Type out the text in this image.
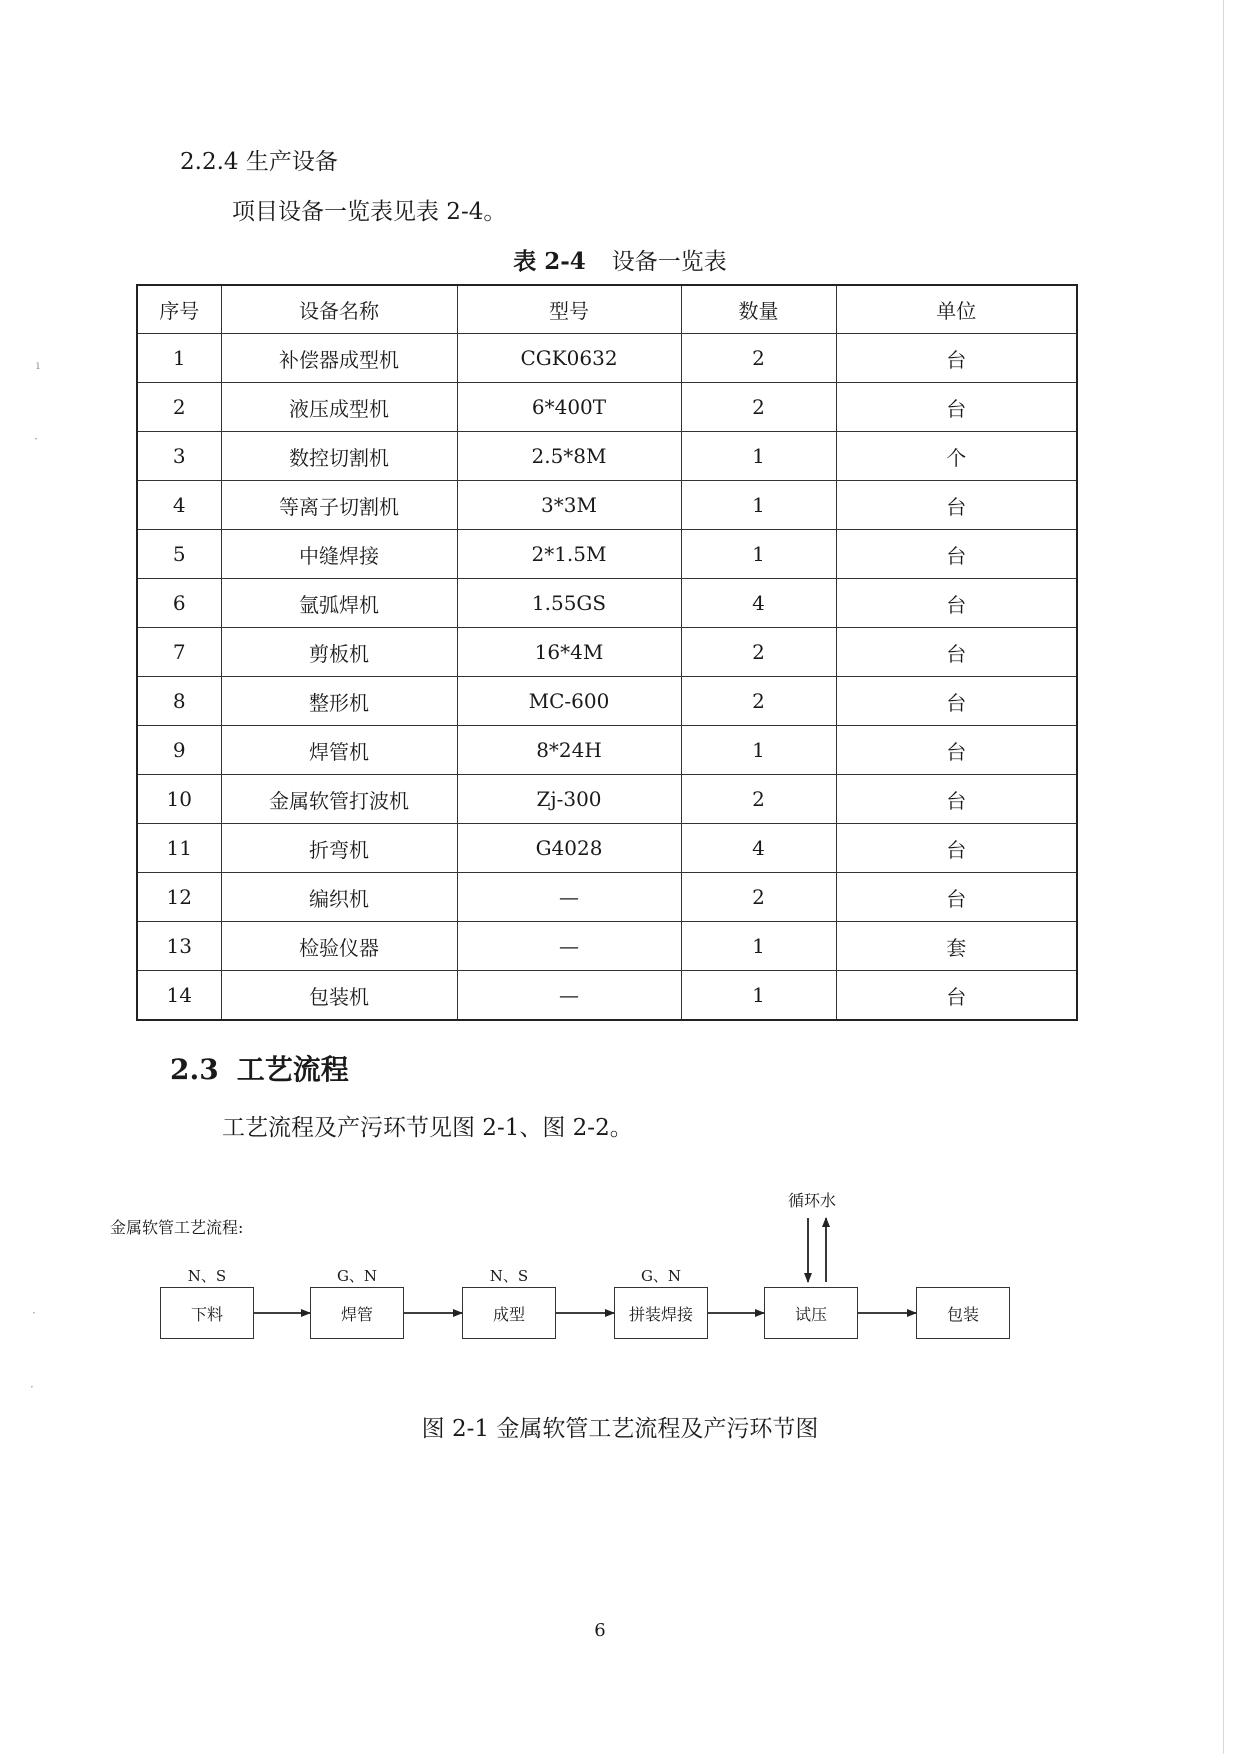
ı
·
·
·
2.2.4 生产设备
项目设备一览表见表 2-4。
表 2-4 设备一览表
序号	设备名称	型号	数量	单位
1	补偿器成型机	CGK0632	2	台
2	液压成型机	6*400T	2	台
3	数控切割机	2.5*8M	1	个
4	等离子切割机	3*3M	1	台
5	中缝焊接	2*1.5M	1	台
6	氩弧焊机	1.55GS	4	台
7	剪板机	16*4M	2	台
8	整形机	MC-600	2	台
9	焊管机	8*24H	1	台
10	金属软管打波机	Zj-300	2	台
11	折弯机	G4028	4	台
12	编织机	—	2	台
13	检验仪器	—	1	套
14	包装机	—	1	台
2.3 工艺流程
工艺流程及产污环节见图 2-1、图 2-2。
金属软管工艺流程:
循环水
下料
N、S
焊管
G、N
成型
N、S
拼装焊接
G、N
试压	包装
图 2-1 金属软管工艺流程及产污环节图
6
